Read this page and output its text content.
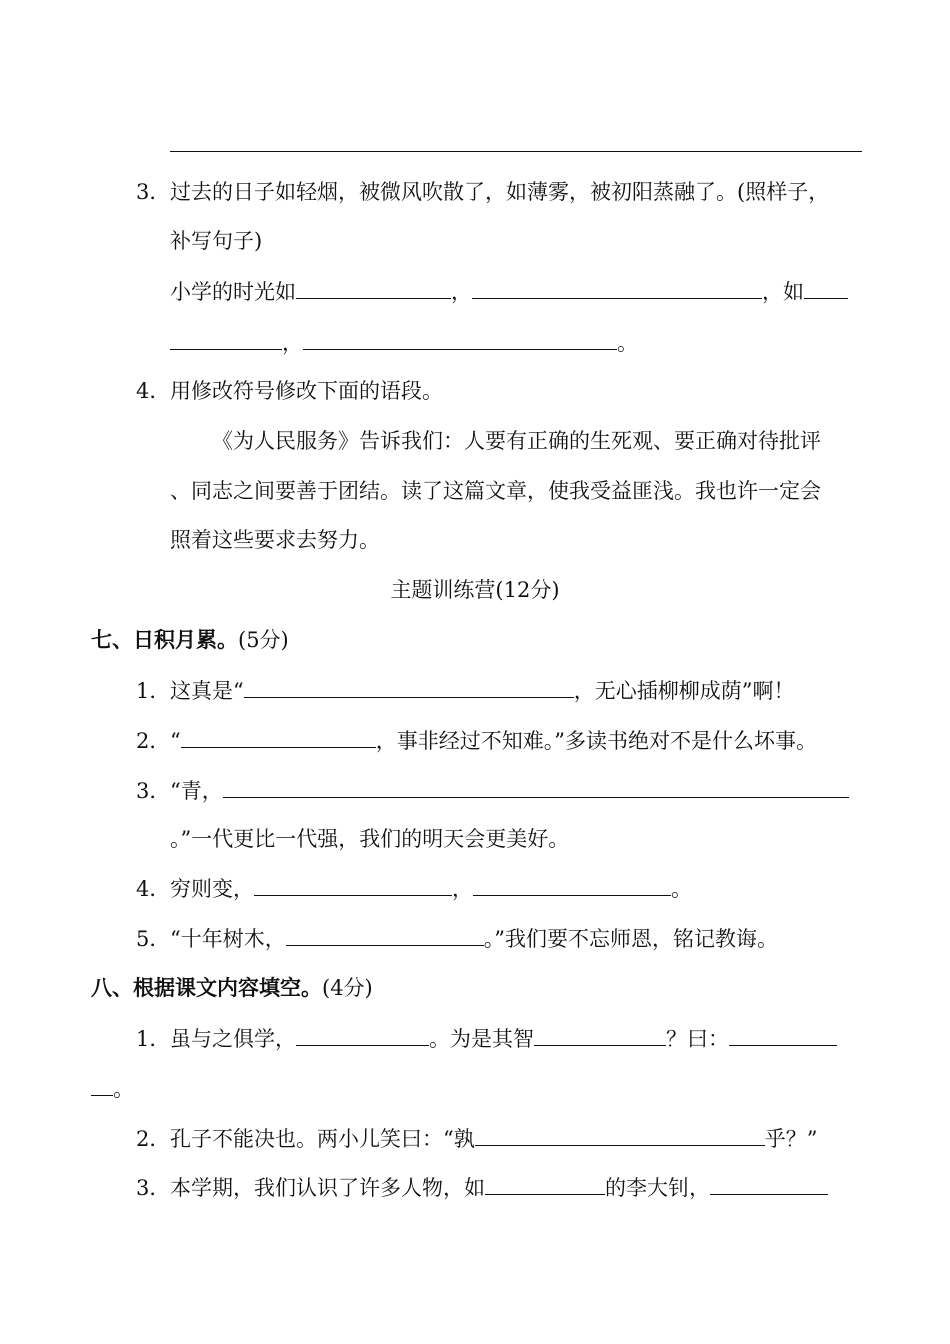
3．过去的日子如轻烟，被微风吹散了，如薄雾，被初阳蒸融了。(照样子，
补写句子)
小学的时光如	，	，如
，	。
4．用修改符号修改下面的语段。
《为人民服务》告诉我们：人要有正确的生死观、要正确对待批评
、同志之间要善于团结。读了这篇文章，使我受益匪浅。我也许一定会
照着这些要求去努力。
主题训练营(12分)
七、日积月累。(5分)
1．这真是“	，无心插柳柳成荫”啊！
2．“	，事非经过不知难。”多读书绝对不是什么坏事。
3．“青，
。”一代更比一代强，我们的明天会更美好。
4．穷则变，	，	。
5．“十年树木，	。”我们要不忘师恩，铭记教诲。
八、根据课文内容填空。(4分)
1．虽与之俱学，	。为是其智	？曰：
。
2．孔子不能决也。两小儿笑曰：“孰	乎？”
3．本学期，我们认识了许多人物，如	的李大钊，
